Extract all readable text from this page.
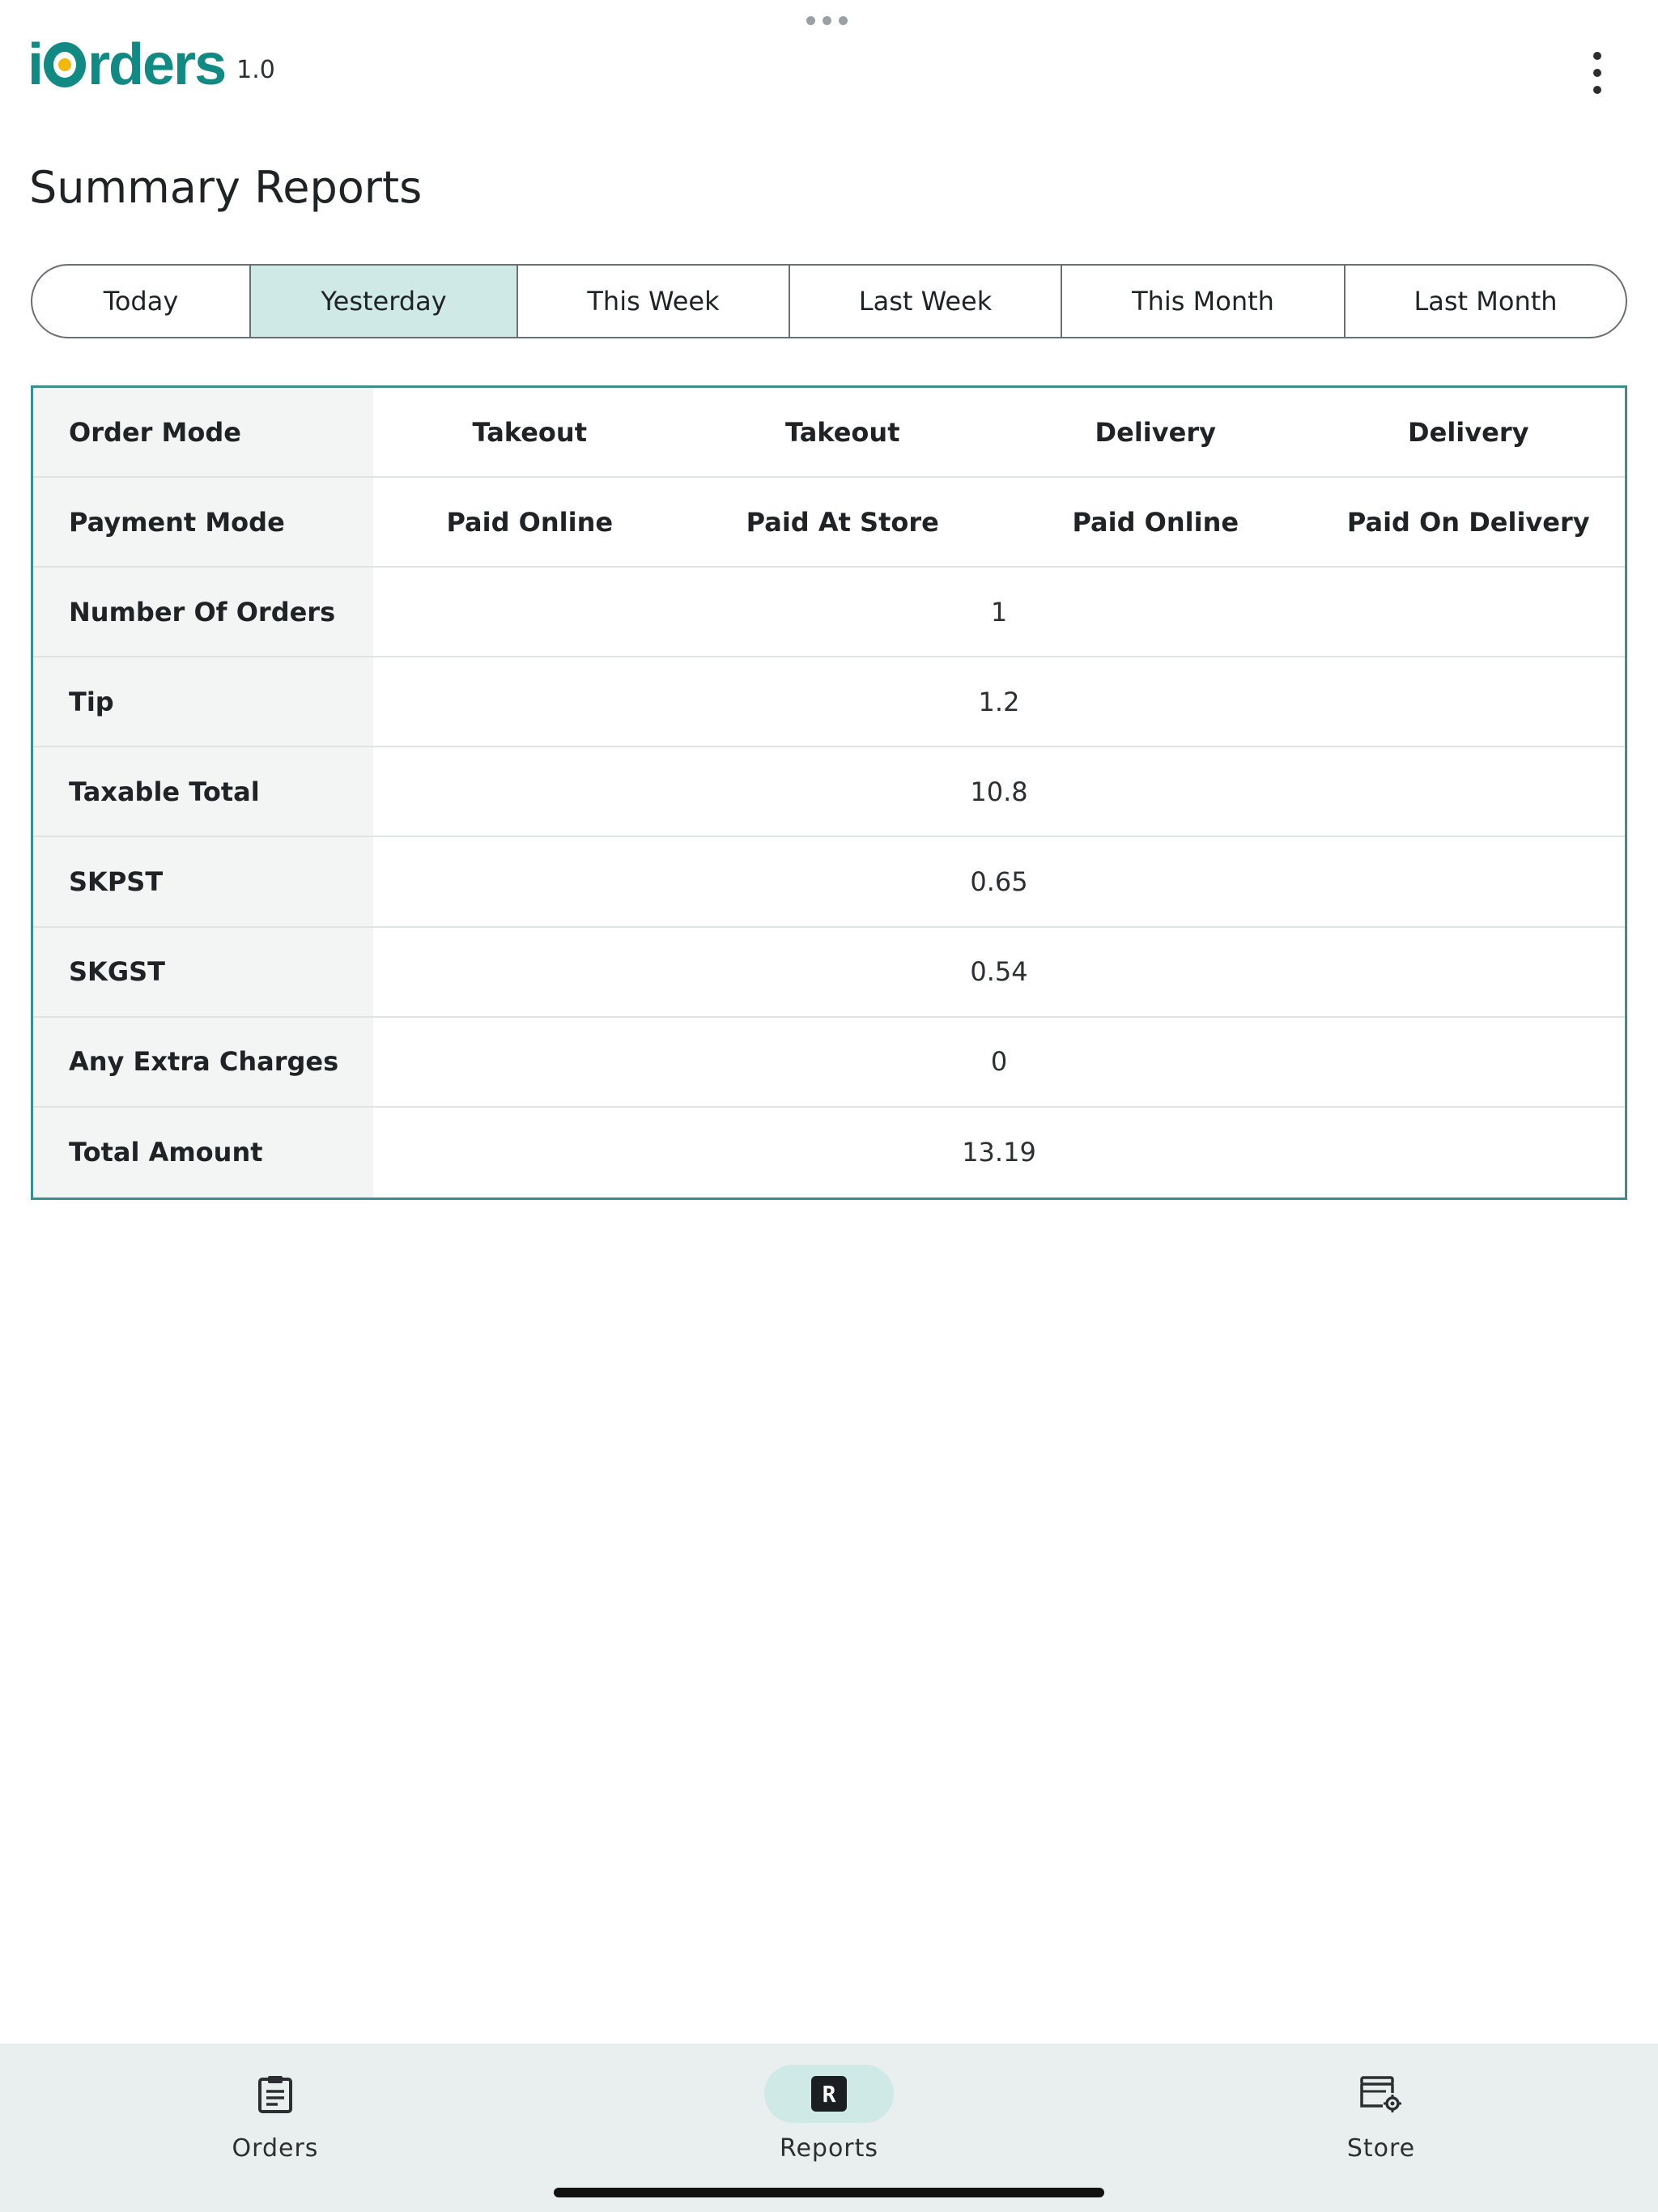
i rders 1.0
Summary Reports
Today	Yesterday	This Week	Last Week	This Month	Last Month
Order Mode	Takeout	Takeout	Delivery	Delivery
Payment Mode	Paid Online	Paid At Store	Paid Online	Paid On Delivery
Number Of Orders	1
Tip	1.2
Taxable Total	10.8
SKPST	0.65
SKGST	0.54
Any Extra Charges	0
Total Amount	13.19
Orders
R
Reports	Store
